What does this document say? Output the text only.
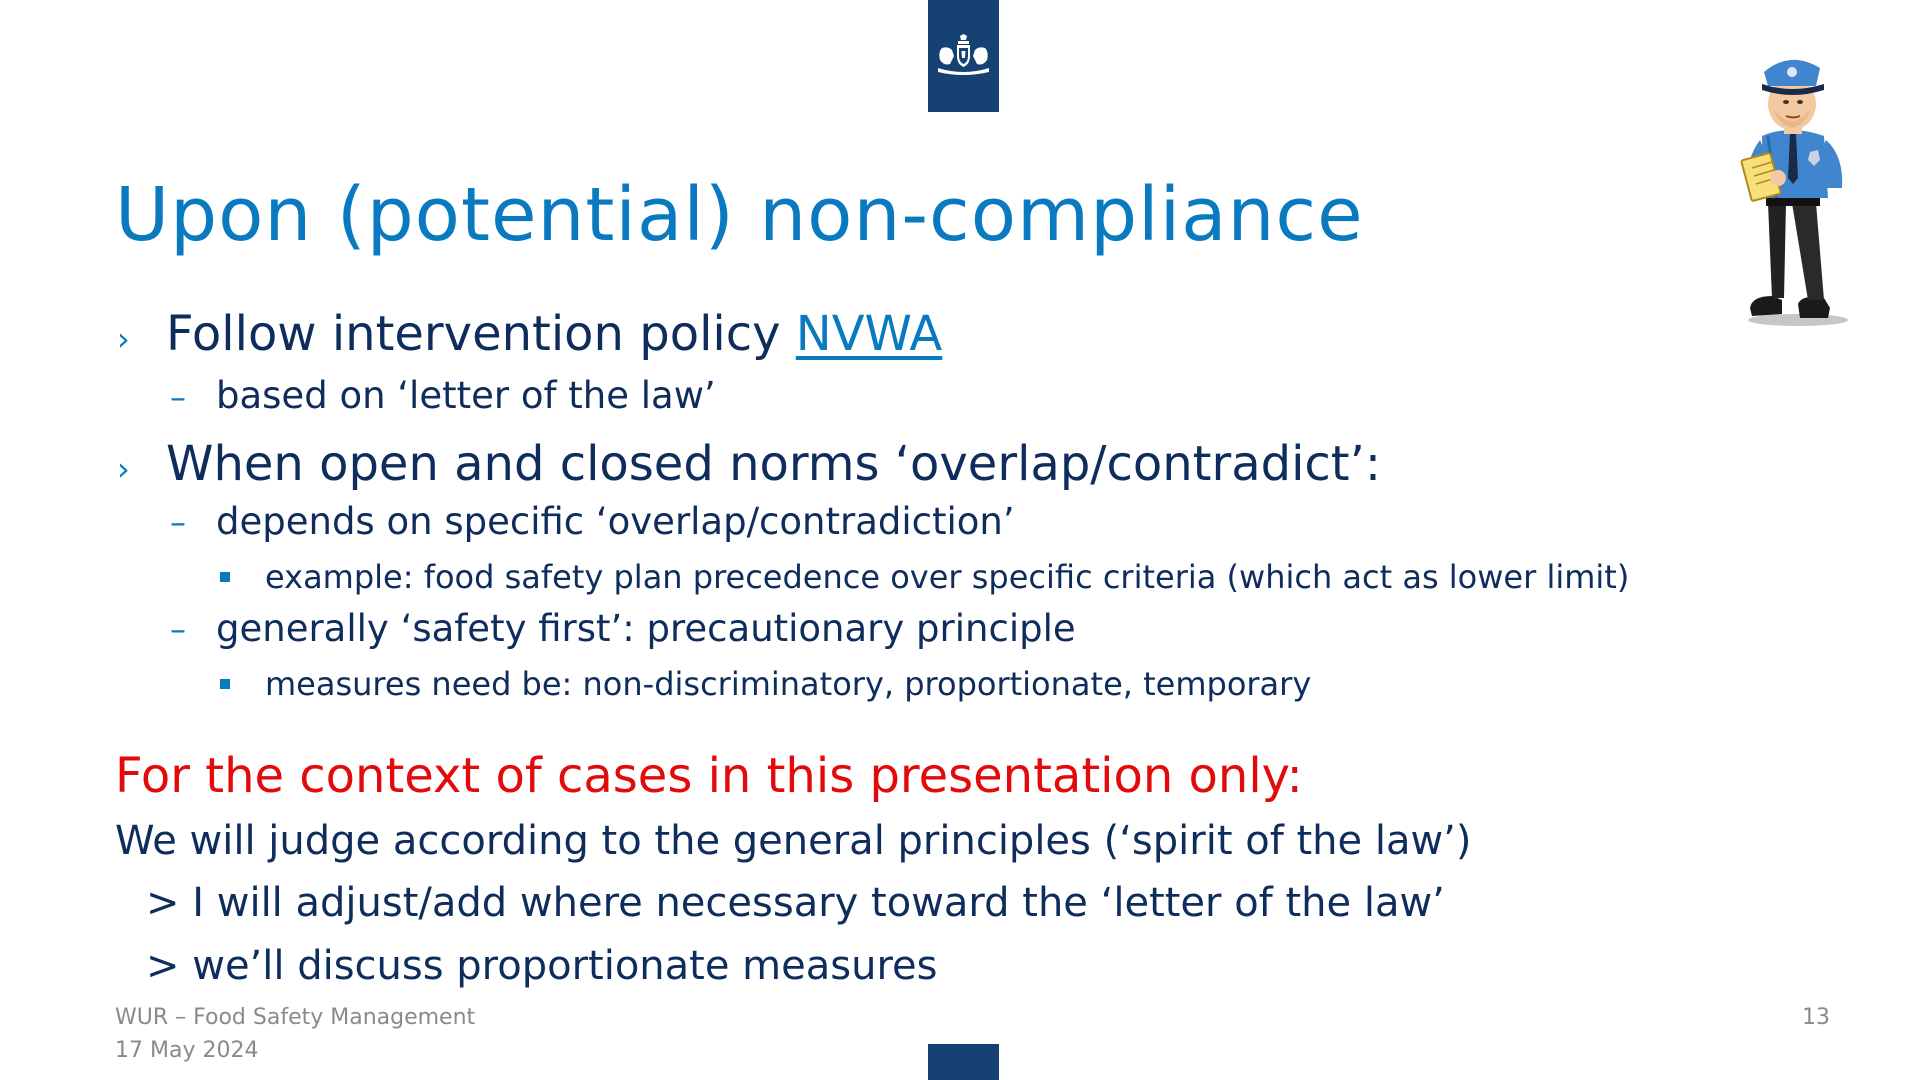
Upon (potential) non-compliance
› Follow intervention policy NVWA
– based on ‘letter of the law’
› When open and closed norms ‘overlap/contradict’:
– depends on specific ‘overlap/contradiction’
example: food safety plan precedence over specific criteria (which act as lower limit)
– generally ‘safety first’: precautionary principle
measures need be: non-discriminatory, proportionate, temporary
For the context of cases in this presentation only:
We will judge according to the general principles (‘spirit of the law’)
> I will adjust/add where necessary toward the ‘letter of the law’
> we’ll discuss proportionate measures
WUR – Food Safety Management
17 May 2024
13
